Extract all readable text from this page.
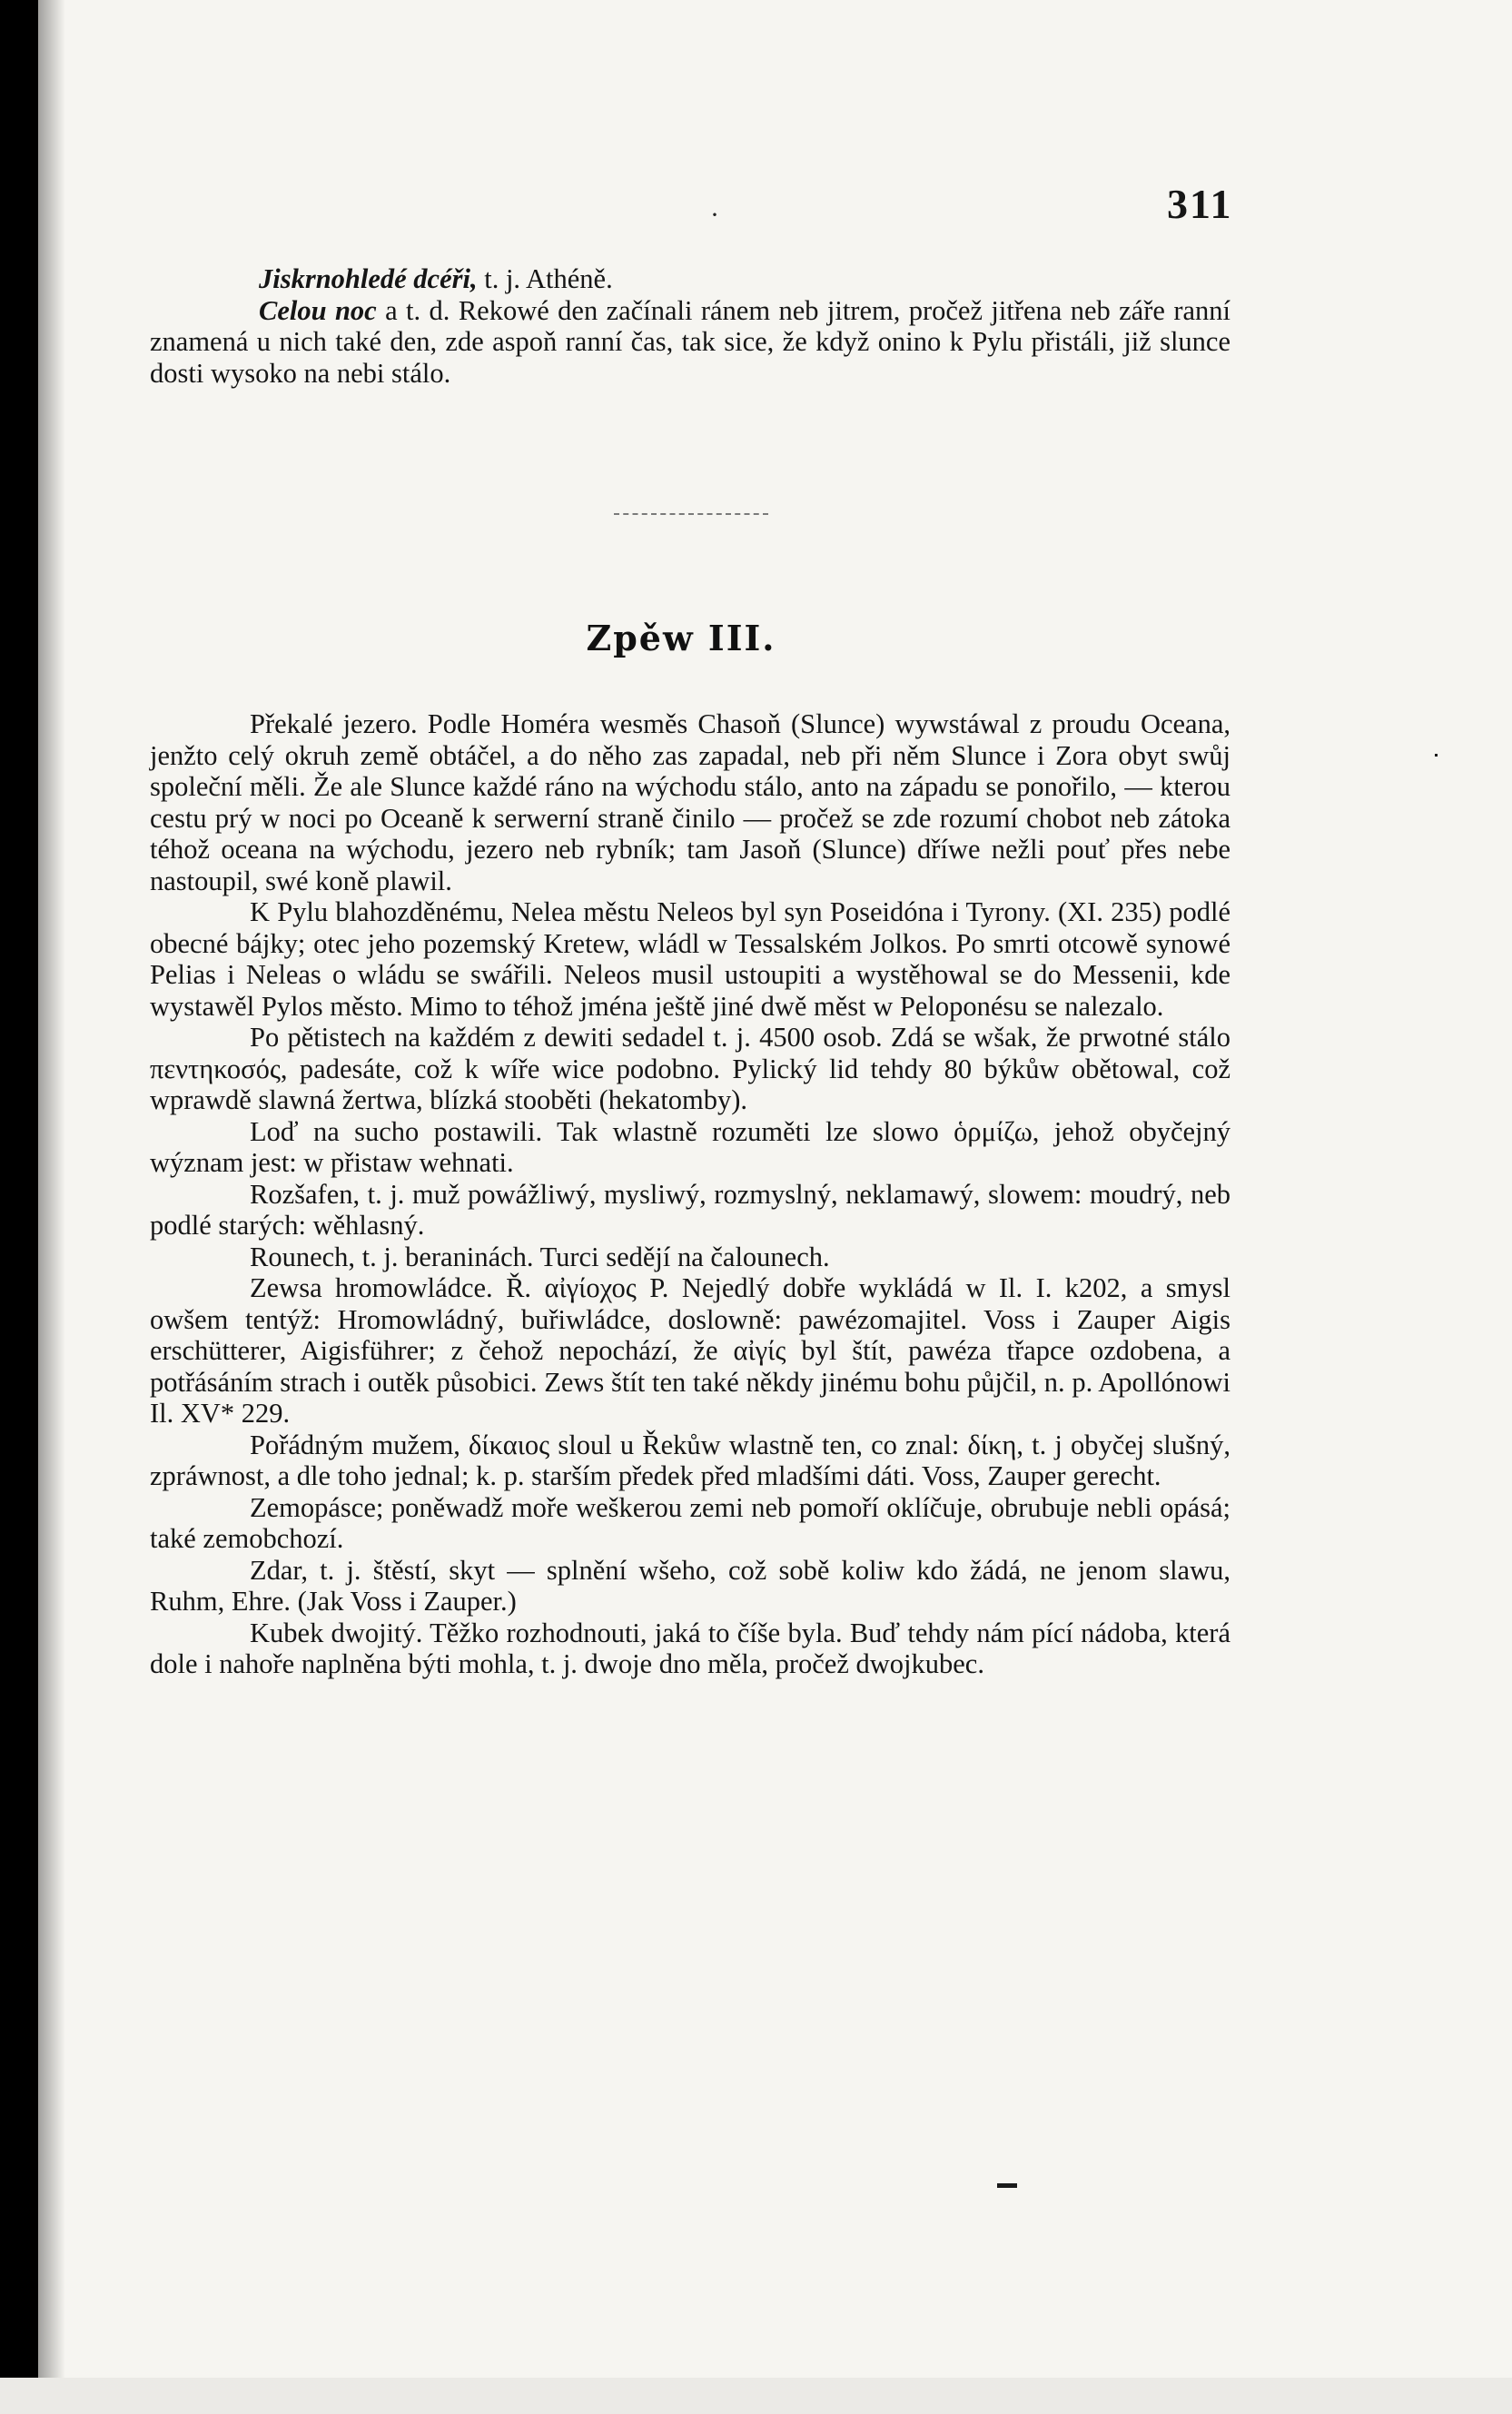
·	311

Jiskrnohledé dcéři, t. j. Athéně.

Celou noc a t. d. Rekowé den začínali ránem neb jitrem, pročež jitřena neb záře ranní znamená u nich také den, zde aspoň ranní čas, tak sice, že když onino k Pylu přistáli, již slunce dosti wysoko na nebi stálo.

Zpěw III.

Překalé jezero. Podle Homéra wesměs Chasoň (Slunce) wywstáwal z proudu Oceana, jenžto celý okruh země obtáčel, a do něho zas zapadal, neb při něm Slunce i Zora obyt swůj společní měli. Že ale Slunce každé ráno na wýchodu stálo, anto na západu se ponořilo, — kterou cestu prý w noci po Oceaně k serwerní straně činilo — pročež se zde rozumí chobot neb zátoka téhož oceana na wýchodu, jezero neb rybník; tam Jasoň (Slunce) dříwe nežli pouť přes nebe nastoupil, swé koně plawil.

K Pylu blahozděnému, Nelea městu Neleos byl syn Poseidóna i Tyrony. (XI. 235) podlé obecné bájky; otec jeho pozemský Kretew, wládl w Tessalském Jolkos. Po smrti otcowě synowé Pelias i Neleas o wládu se swářili. Neleos musil ustoupiti a wystěhowal se do Messenii, kde wystawěl Pylos město. Mimo to téhož jména ještě jiné dwě měst w Peloponésu se nalezalo.

Po pětistech na každém z dewiti sedadel t. j. 4500 osob. Zdá se wšak, že prwotné stálo πεντηκοσός, padesáte, což k wíře wice podobno. Pylický lid tehdy 80 býkůw obětowal, což wprawdě slawná žertwa, blízká stooběti (hekatomby).

Loď na sucho postawili. Tak wlastně rozuměti lze slowo ὁρμίζω, jehož obyčejný wýznam jest: w přistaw wehnati.

Rozšafen, t. j. muž powážliwý, mysliwý, rozmyslný, neklamawý, slowem: moudrý, neb podlé starých: wěhlasný.

Rounech, t. j. beraninách. Turci sedějí na čalounech.

Zewsa hromowládce. Ř. αἰγίοχος P. Nejedlý dobře wykládá w Il. I. k202, a smysl owšem tentýž: Hromowládný, buřiwládce, doslowně: pawézomajitel. Voss i Zauper Aigis erschütterer, Aigisführer; z čehož nepochází, že αἰγίς byl štít, pawéza třapce ozdobena, a potřásáním strach i outěk působici. Zews štít ten také někdy jinému bohu půjčil, n. p. Apollónowi Il. XV* 229.

Pořádným mužem, δίκαιος sloul u Řekůw wlastně ten, co znal: δίκη, t. j obyčej slušný, zpráwnost, a dle toho jednal; k. p. starším předek před mladšími dáti. Voss, Zauper gerecht.

Zemopásce; poněwadž moře weškerou zemi neb pomoří oklíčuje, obrubuje nebli opásá; také zemobchozí.

Zdar, t. j. štěstí, skyt — splnění wšeho, což sobě koliw kdo žádá, ne jenom slawu, Ruhm, Ehre. (Jak Voss i Zauper.)

Kubek dwojitý. Těžko rozhodnouti, jaká to číše byla. Buď tehdy nám pící nádoba, která dole i nahoře naplněna býti mohla, t. j. dwoje dno měla, pročež dwojkubec.
